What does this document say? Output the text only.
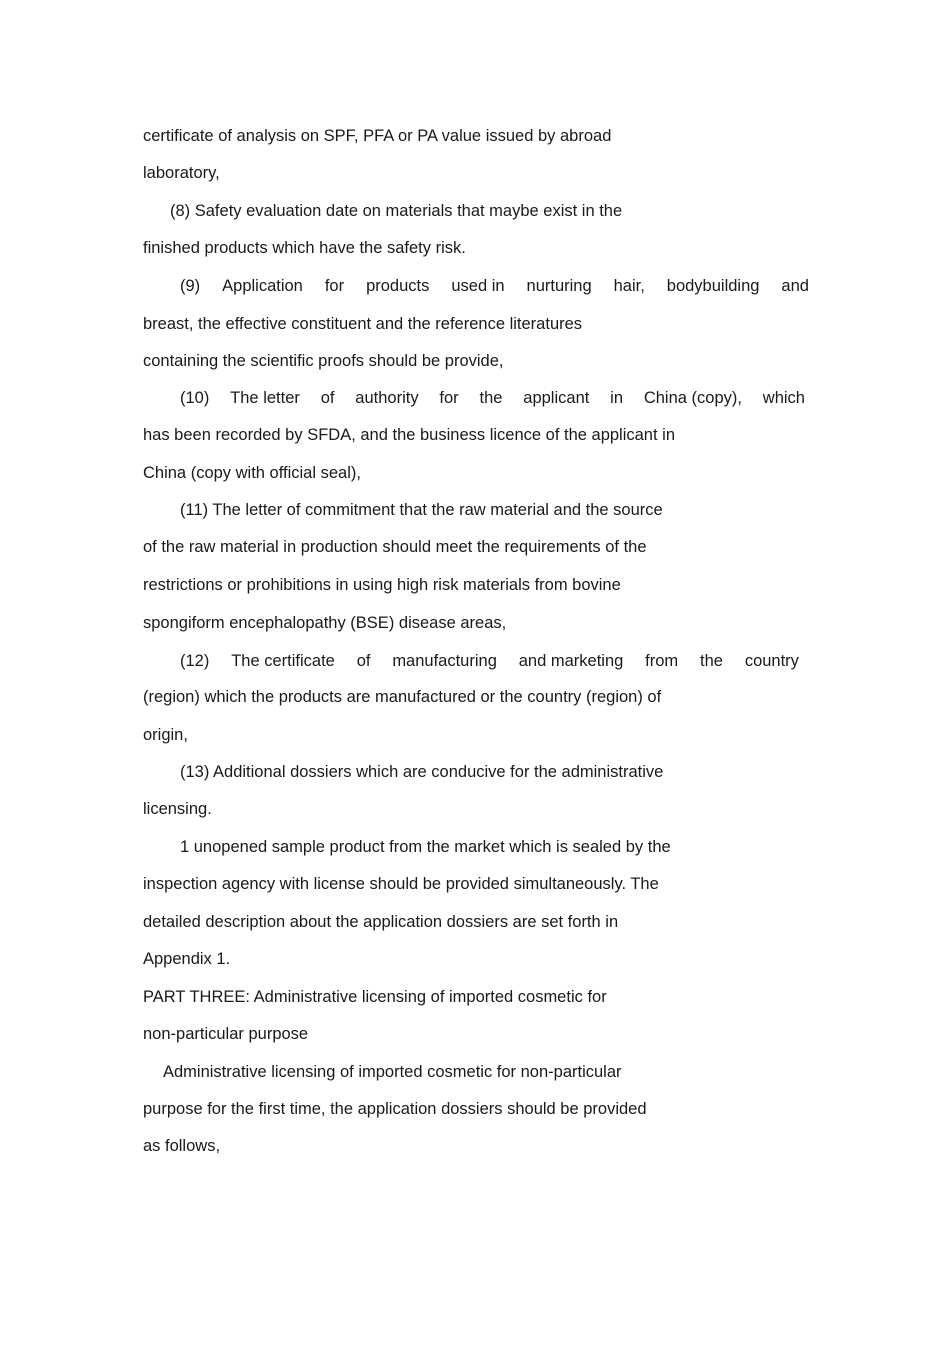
certificate of analysis on SPF, PFA or PA value issued by abroad

laboratory,

(8) Safety evaluation date on materials that maybe exist in the

finished products which have the safety risk.

(9) Application for products used in nurturing hair, bodybuilding and

breast, the effective constituent and the reference literatures

containing the scientific proofs should be provide,

(10) The letter of authority for the applicant in China (copy), which

has been recorded by SFDA, and the business licence of the applicant in

China (copy with official seal),

(11) The letter of commitment that the raw material and the source

of the raw material in production should meet the requirements of the

restrictions or prohibitions in using high risk materials from bovine

spongiform encephalopathy (BSE) disease areas,

(12) The certificate of manufacturing and marketing from the country

(region) which the products are manufactured or the country (region) of

origin,

(13) Additional dossiers which are conducive for the administrative

licensing.

1 unopened sample product from the market which is sealed by the

inspection agency with license should be provided simultaneously. The

detailed description about the application dossiers are set forth in

Appendix 1.

PART THREE: Administrative licensing of imported cosmetic for

non-particular purpose

Administrative licensing of imported cosmetic for non-particular

purpose for the first time, the application dossiers should be provided

as follows,
